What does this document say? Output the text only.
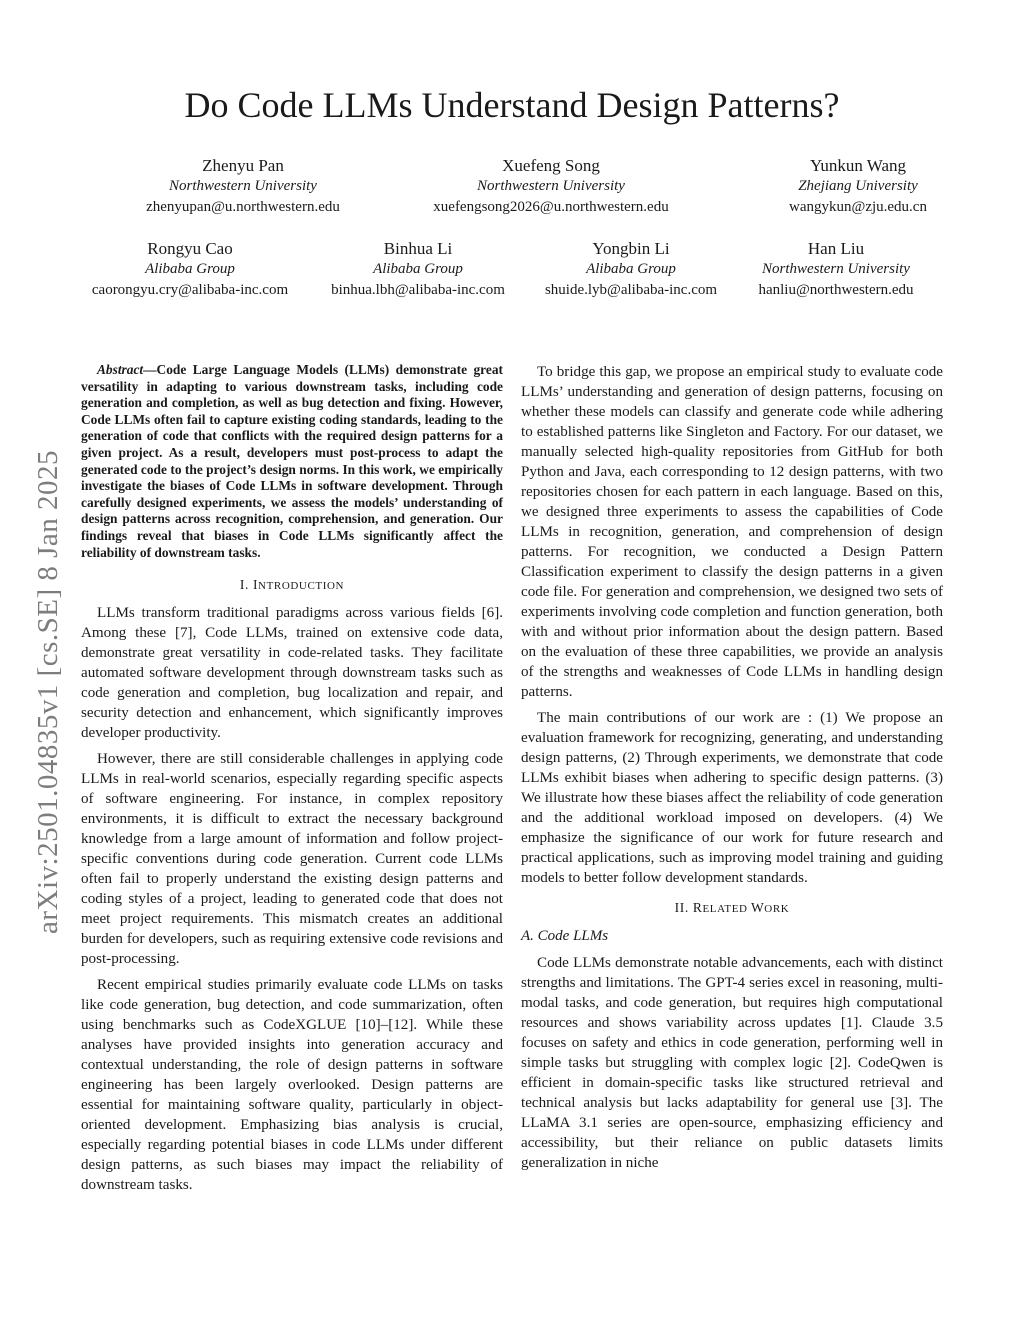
Do Code LLMs Understand Design Patterns?
Zhenyu Pan
Northwestern University
zhenyupan@u.northwestern.edu
Xuefeng Song
Northwestern University
xuefengsong2026@u.northwestern.edu
Yunkun Wang
Zhejiang University
wangykun@zju.edu.cn
Rongyu Cao
Alibaba Group
caorongyu.cry@alibaba-inc.com
Binhua Li
Alibaba Group
binhua.lbh@alibaba-inc.com
Yongbin Li
Alibaba Group
shuide.lyb@alibaba-inc.com
Han Liu
Northwestern University
hanliu@northwestern.edu
arXiv:2501.04835v1 [cs.SE] 8 Jan 2025

Abstract—Code Large Language Models (LLMs) demonstrate great versatility in adapting to various downstream tasks, including code generation and completion, as well as bug detection and fixing. However, Code LLMs often fail to capture existing coding standards, leading to the generation of code that conflicts with the required design patterns for a given project. As a result, developers must post-process to adapt the generated code to the project’s design norms. In this work, we empirically investigate the biases of Code LLMs in software development. Through carefully designed experiments, we assess the models’ understanding of design patterns across recognition, comprehension, and generation. Our findings reveal that biases in Code LLMs significantly affect the reliability of downstream tasks.

I. INTRODUCTION

LLMs transform traditional paradigms across various fields [6]. Among these [7], Code LLMs, trained on extensive code data, demonstrate great versatility in code-related tasks. They facilitate automated software development through downstream tasks such as code generation and completion, bug localization and repair, and security detection and enhancement, which significantly improves developer productivity.

However, there are still considerable challenges in applying code LLMs in real-world scenarios, especially regarding specific aspects of software engineering. For instance, in complex repository environments, it is difficult to extract the necessary background knowledge from a large amount of information and follow project-specific conventions during code generation. Current code LLMs often fail to properly understand the existing design patterns and coding styles of a project, leading to generated code that does not meet project requirements. This mismatch creates an additional burden for developers, such as requiring extensive code revisions and post-processing.

Recent empirical studies primarily evaluate code LLMs on tasks like code generation, bug detection, and code summarization, often using benchmarks such as CodeXGLUE [10]–[12]. While these analyses have provided insights into generation accuracy and contextual understanding, the role of design patterns in software engineering has been largely overlooked. Design patterns are essential for maintaining software quality, particularly in object-oriented development. Emphasizing bias analysis is crucial, especially regarding potential biases in code LLMs under different design patterns, as such biases may impact the reliability of downstream tasks.

To bridge this gap, we propose an empirical study to evaluate code LLMs’ understanding and generation of design patterns, focusing on whether these models can classify and generate code while adhering to established patterns like Singleton and Factory. For our dataset, we manually selected high-quality repositories from GitHub for both Python and Java, each corresponding to 12 design patterns, with two repositories chosen for each pattern in each language. Based on this, we designed three experiments to assess the capabilities of Code LLMs in recognition, generation, and comprehension of design patterns. For recognition, we conducted a Design Pattern Classification experiment to classify the design patterns in a given code file. For generation and comprehension, we designed two sets of experiments involving code completion and function generation, both with and without prior information about the design pattern. Based on the evaluation of these three capabilities, we provide an analysis of the strengths and weaknesses of Code LLMs in handling design patterns.

The main contributions of our work are : (1) We propose an evaluation framework for recognizing, generating, and understanding design patterns, (2) Through experiments, we demonstrate that code LLMs exhibit biases when adhering to specific design patterns. (3) We illustrate how these biases affect the reliability of code generation and the additional workload imposed on developers. (4) We emphasize the significance of our work for future research and practical applications, such as improving model training and guiding models to better follow development standards.

II. RELATED WORK
A. Code LLMs

Code LLMs demonstrate notable advancements, each with distinct strengths and limitations. The GPT-4 series excel in reasoning, multi-modal tasks, and code generation, but requires high computational resources and shows variability across updates [1]. Claude 3.5 focuses on safety and ethics in code generation, performing well in simple tasks but struggling with complex logic [2]. CodeQwen is efficient in domain-specific tasks like structured retrieval and technical analysis but lacks adaptability for general use [3]. The LLaMA 3.1 series are open-source, emphasizing efficiency and accessibility, but their reliance on public datasets limits generalization in niche
